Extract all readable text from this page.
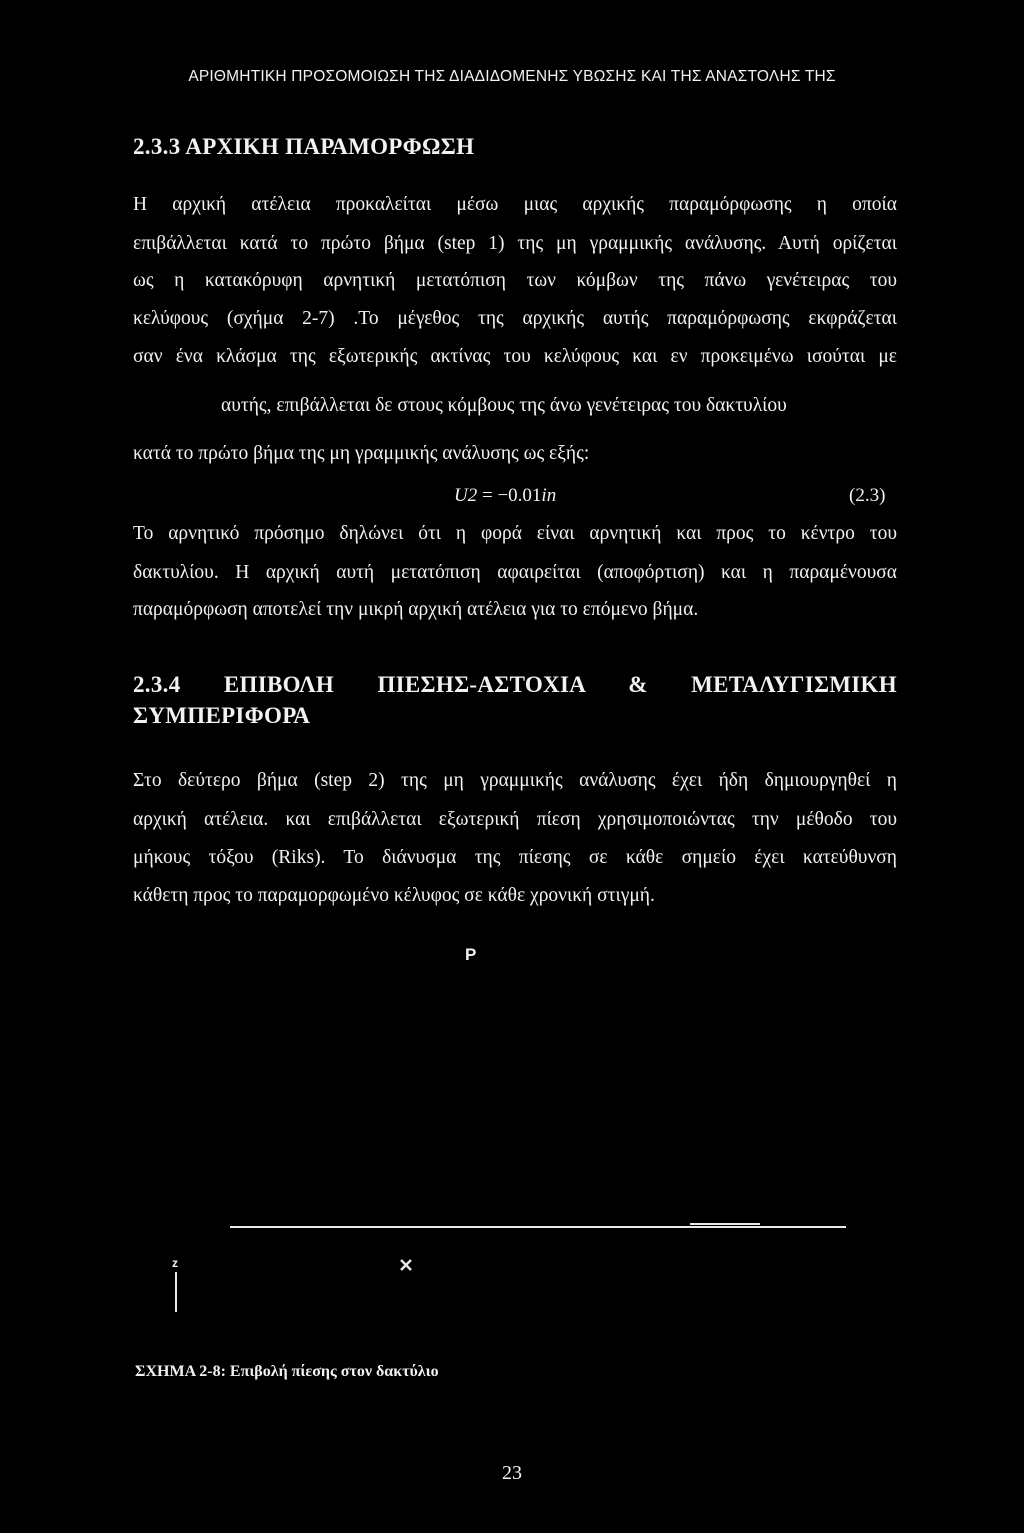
ΑΡΙΘΜΗΤΙΚΗ ΠΡΟΣΟΜΟΙΩΣΗ ΤΗΣ ΔΙΑΔΙΔΟΜΕΝΗΣ ΥΒΩΣΗΣ ΚΑΙ ΤΗΣ ΑΝΑΣΤΟΛΗΣ ΤΗΣ
2.3.3 ΑΡΧΙΚΗ ΠΑΡΑΜΟΡΦΩΣΗ
Η αρχική ατέλεια προκαλείται μέσω μιας αρχικής παραμόρφωσης η οποία
επιβάλλεται κατά το πρώτο βήμα (step 1) της μη γραμμικής ανάλυσης. Αυτή ορίζεται
ως η κατακόρυφη αρνητική μετατόπιση των κόμβων της πάνω γενέτειρας του
κελύφους (σχήμα 2-7) .Το μέγεθος της αρχικής αυτής παραμόρφωσης εκφράζεται
σαν ένα κλάσμα της εξωτερικής ακτίνας του κελύφους και εν προκειμένω ισούται με
αυτής, επιβάλλεται δε στους κόμβους της άνω γενέτειρας του δακτυλίου
κατά το πρώτο βήμα της μη γραμμικής ανάλυσης ως εξής:
U2 = −0.01in	(2.3)
Το αρνητικό πρόσημο δηλώνει ότι η φορά είναι αρνητική και προς το κέντρο του
δακτυλίου. Η αρχική αυτή μετατόπιση αφαιρείται (αποφόρτιση) και η παραμένουσα
παραμόρφωση αποτελεί την μικρή αρχική ατέλεια για το επόμενο βήμα.
2.3.4 ΕΠΙΒΟΛΗ ΠΙΕΣΗΣ-ΑΣΤΟΧΙΑ & ΜΕΤΑΛΥΓΙΣΜΙΚΗ
ΣΥΜΠΕΡΙΦΟΡΑ
Στο δεύτερο βήμα (step 2) της μη γραμμικής ανάλυσης έχει ήδη δημιουργηθεί η
αρχική ατέλεια. και επιβάλλεται εξωτερική πίεση χρησιμοποιώντας την μέθοδο του
μήκους τόξου (Riks). Το διάνυσμα της πίεσης σε κάθε σημείο έχει κατεύθυνση
κάθετη προς το παραμορφωμένο κέλυφος σε κάθε χρονική στιγμή.
P
z
ΣΧΗΜΑ 2-8: Επιβολή πίεσης στον δακτύλιο
23
